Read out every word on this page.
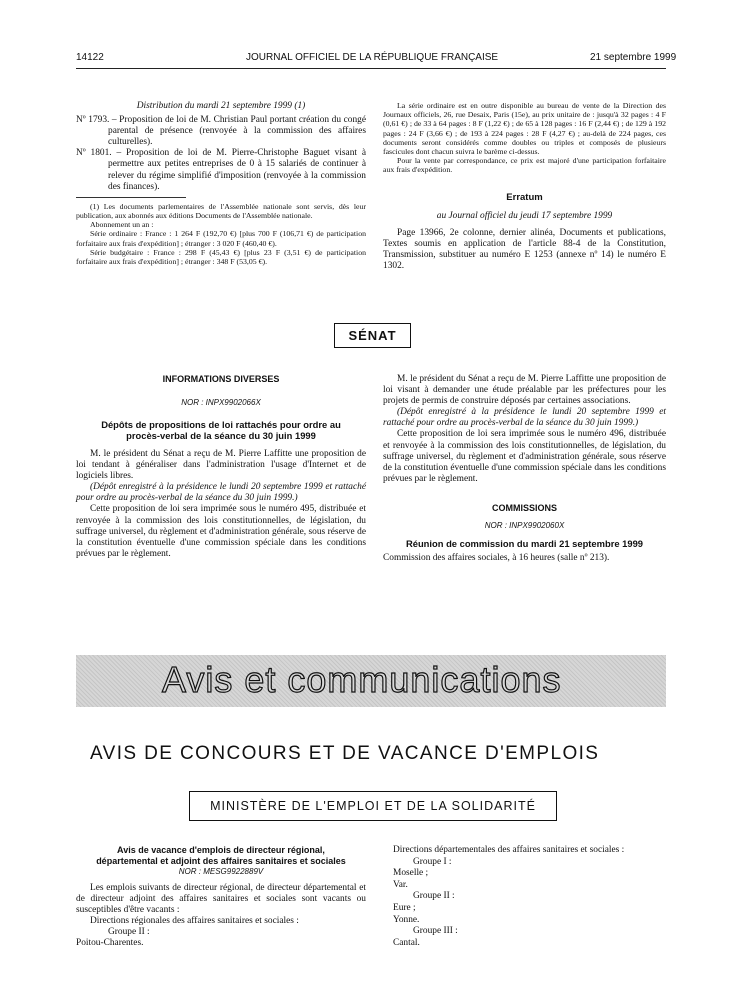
14122	JOURNAL OFFICIEL DE LA RÉPUBLIQUE FRANÇAISE	21 septembre 1999

Distribution du mardi 21 septembre 1999 (1)

Nº 1793. – Proposition de loi de M. Christian Paul portant création du congé parental de présence (renvoyée à la commission des affaires culturelles).

Nº 1801. – Proposition de loi de M. Pierre-Christophe Baguet visant à permettre aux petites entreprises de 0 à 15 salariés de continuer à relever du régime simplifié d'imposition (renvoyée à la commission des finances).

(1) Les documents parlementaires de l'Assemblée nationale sont servis, dès leur publication, aux abonnés aux éditions Documents de l'Assemblée nationale.

Abonnement un an :

Série ordinaire : France : 1 264 F (192,70 €) [plus 700 F (106,71 €) de participation forfaitaire aux frais d'expédition] ; étranger : 3 020 F (460,40 €).

Série budgétaire : France : 298 F (45,43 €) [plus 23 F (3,51 €) de participation forfaitaire aux frais d'expédition] ; étranger : 348 F (53,05 €).

La série ordinaire est en outre disponible au bureau de vente de la Direction des Journaux officiels, 26, rue Desaix, Paris (15e), au prix unitaire de : jusqu'à 32 pages : 4 F (0,61 €) ; de 33 à 64 pages : 8 F (1,22 €) ; de 65 à 128 pages : 16 F (2,44 €) ; de 129 à 192 pages : 24 F (3,66 €) ; de 193 à 224 pages : 28 F (4,27 €) ; au-delà de 224 pages, ces documents seront considérés comme doubles ou triples et composés de plusieurs fascicules dont chacun suivra le barème ci-dessus.

Pour la vente par correspondance, ce prix est majoré d'une participation forfaitaire aux frais d'expédition.

Erratum

au Journal officiel du jeudi 17 septembre 1999

Page 13966, 2e colonne, dernier alinéa, Documents et publications, Textes soumis en application de l'article 88-4 de la Constitution, Transmission, substituer au numéro E 1253 (annexe nº 14) le numéro E 1302.

SÉNAT

INFORMATIONS DIVERSES

NOR : INPX9902066X

Dépôts de propositions de loi rattachés pour ordre au procès-verbal de la séance du 30 juin 1999

M. le président du Sénat a reçu de M. Pierre Laffitte une proposition de loi tendant à généraliser dans l'administration l'usage d'Internet et de logiciels libres.

(Dépôt enregistré à la présidence le lundi 20 septembre 1999 et rattaché pour ordre au procès-verbal de la séance du 30 juin 1999.)

Cette proposition de loi sera imprimée sous le numéro 495, distribuée et renvoyée à la commission des lois constitutionnelles, de législation, du suffrage universel, du règlement et d'administration générale, sous réserve de la constitution éventuelle d'une commission spéciale dans les conditions prévues par le règlement.

M. le président du Sénat a reçu de M. Pierre Laffitte une proposition de loi visant à demander une étude préalable par les préfectures pour les projets de permis de construire déposés par certaines associations.

(Dépôt enregistré à la présidence le lundi 20 septembre 1999 et rattaché pour ordre au procès-verbal de la séance du 30 juin 1999.)

Cette proposition de loi sera imprimée sous le numéro 496, distribuée et renvoyée à la commission des lois constitutionnelles, de législation, du suffrage universel, du règlement et d'administration générale, sous réserve de la constitution éventuelle d'une commission spéciale dans les conditions prévues par le règlement.

COMMISSIONS

NOR : INPX9902060X

Réunion de commission du mardi 21 septembre 1999

Commission des affaires sociales, à 16 heures (salle nº 213).

Avis et communications
AVIS DE CONCOURS ET DE VACANCE D'EMPLOIS
MINISTÈRE DE L'EMPLOI ET DE LA SOLIDARITÉ

Avis de vacance d'emplois de directeur régional, départemental et adjoint des affaires sanitaires et sociales

NOR : MESG9922889V

Les emplois suivants de directeur régional, de directeur départemental et de directeur adjoint des affaires sanitaires et sociales sont vacants ou susceptibles d'être vacants :

Directions régionales des affaires sanitaires et sociales :

Groupe II :

Poitou-Charentes.

Directions départementales des affaires sanitaires et sociales :

Groupe I :

Moselle ;

Var.

Groupe II :

Eure ;

Yonne.

Groupe III :

Cantal.
